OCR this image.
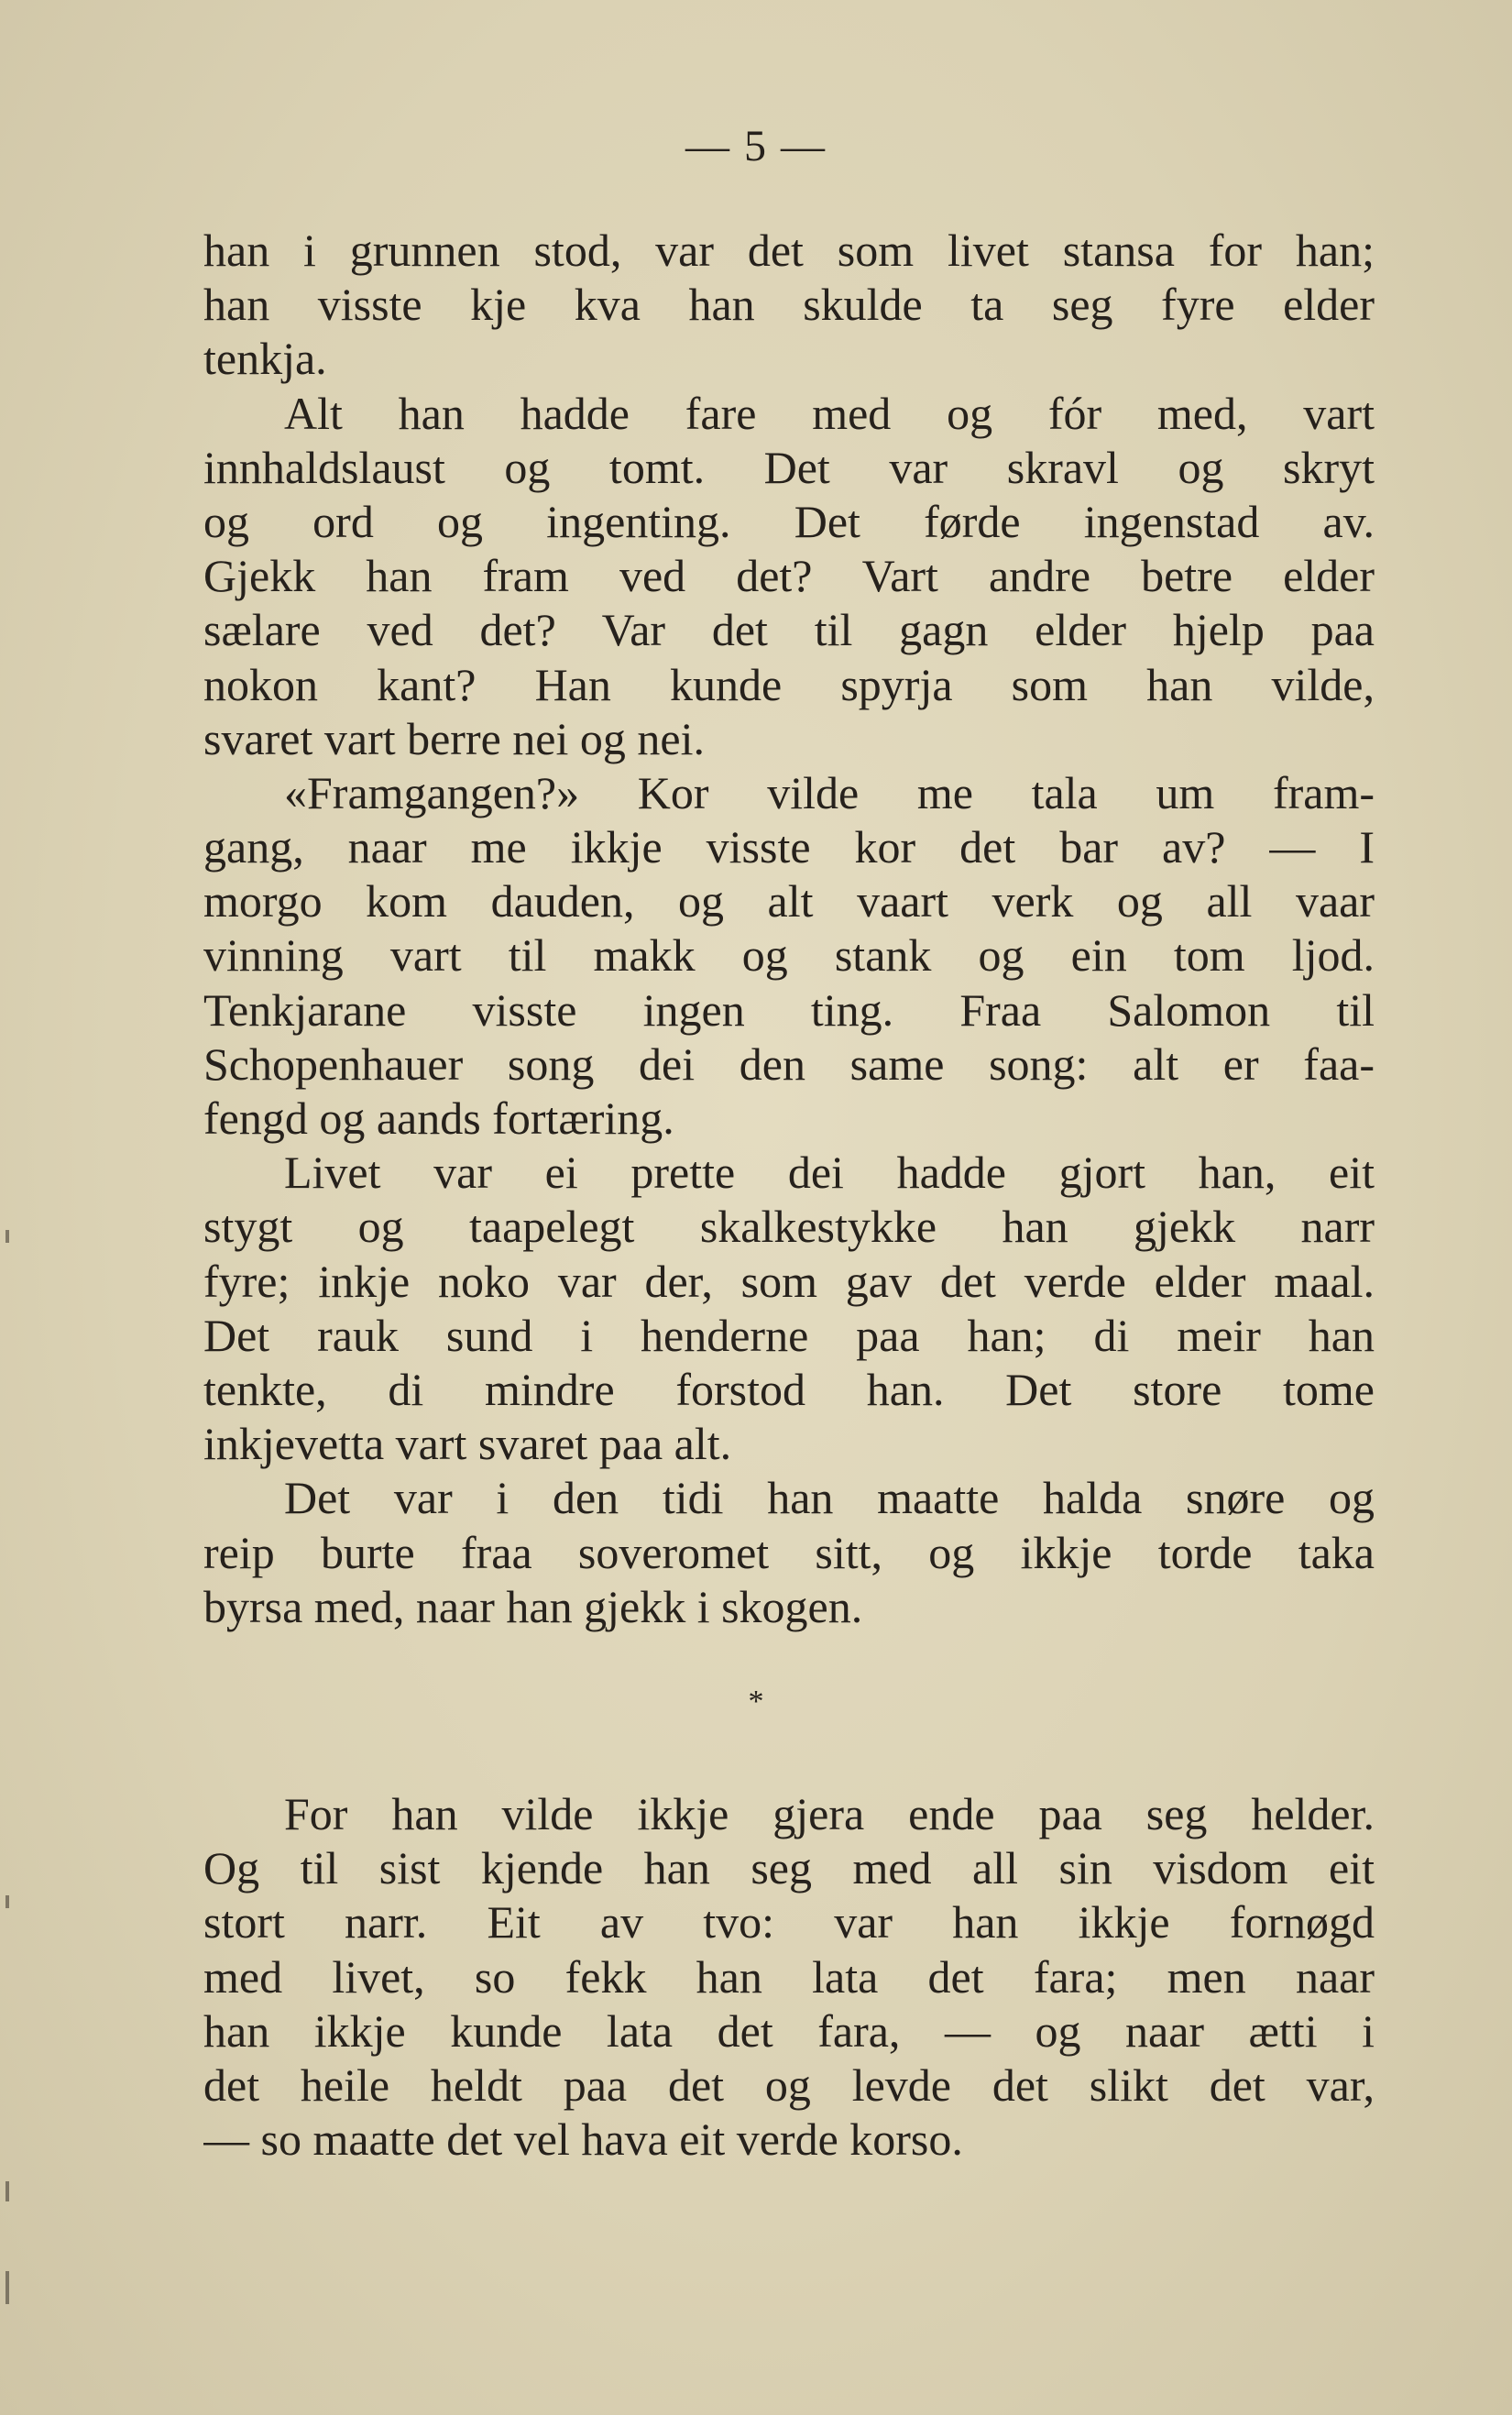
— 5 —
han i grunnen stod, var det som livet stansa for han;
han visste kje kva han skulde ta seg fyre elder
tenkja.
Alt han hadde fare med og fór med, vart
innhaldslaust og tomt. Det var skravl og skryt
og ord og ingenting. Det førde ingenstad av.
Gjekk han fram ved det? Vart andre betre elder
sælare ved det? Var det til gagn elder hjelp paa
nokon kant? Han kunde spyrja som han vilde,
svaret vart berre nei og nei.
«Framgangen?» Kor vilde me tala um fram-
gang, naar me ikkje visste kor det bar av? — I
morgo kom dauden, og alt vaart verk og all vaar
vinning vart til makk og stank og ein tom ljod.
Tenkjarane visste ingen ting. Fraa Salomon til
Schopenhauer song dei den same song: alt er faa-
fengd og aands fortæring.
Livet var ei prette dei hadde gjort han, eit
stygt og taapelegt skalkestykke han gjekk narr
fyre; inkje noko var der, som gav det verde elder maal.
Det rauk sund i henderne paa han; di meir han
tenkte, di mindre forstod han. Det store tome
inkjevetta vart svaret paa alt.
Det var i den tidi han maatte halda snøre og
reip burte fraa soveromet sitt, og ikkje torde taka
byrsa med, naar han gjekk i skogen.
*
For han vilde ikkje gjera ende paa seg helder.
Og til sist kjende han seg med all sin visdom eit
stort narr. Eit av tvo: var han ikkje fornøgd
med livet, so fekk han lata det fara; men naar
han ikkje kunde lata det fara, — og naar ætti i
det heile heldt paa det og levde det slikt det var,
— so maatte det vel hava eit verde korso.
